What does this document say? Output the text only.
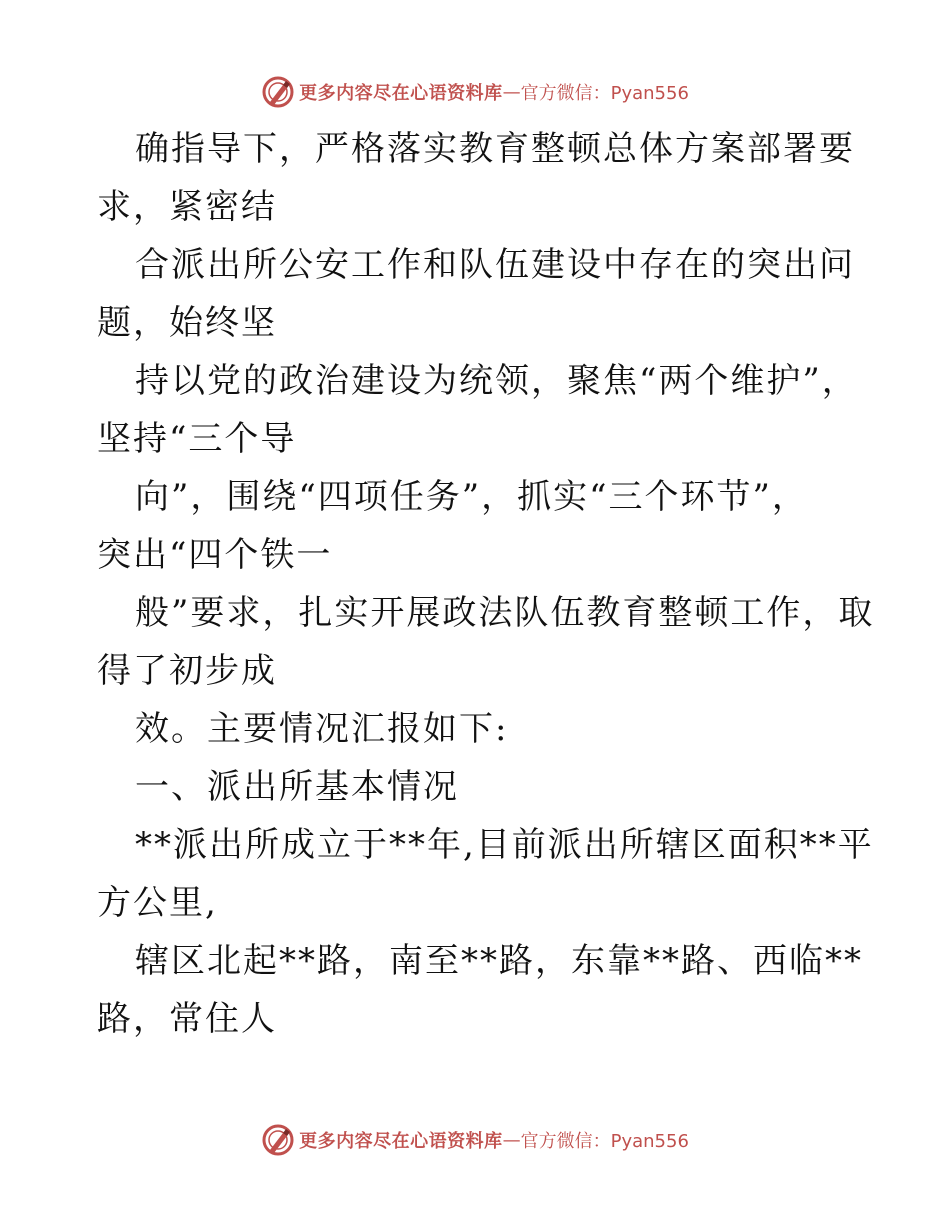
更多内容尽在心语资料库 — 官方微信：Pyan556

确指导下，严格落实教育整顿总体方案部署要

求，紧密结

合派出所公安工作和队伍建设中存在的突出问

题，始终坚

持以党的政治建设为统领，聚焦“两个维护”，

坚持“三个导

向”，围绕“四项任务”，抓实“三个环节”，

突出“四个铁一

般”要求，扎实开展政法队伍教育整顿工作，取

得了初步成

效。主要情况汇报如下:

一、派出所基本情况

**派出所成立于**年,目前派出所辖区面积**平

方公里,

辖区北起**路，南至**路，东靠**路、西临**

路，常住人

更多内容尽在心语资料库 — 官方微信：Pyan556
